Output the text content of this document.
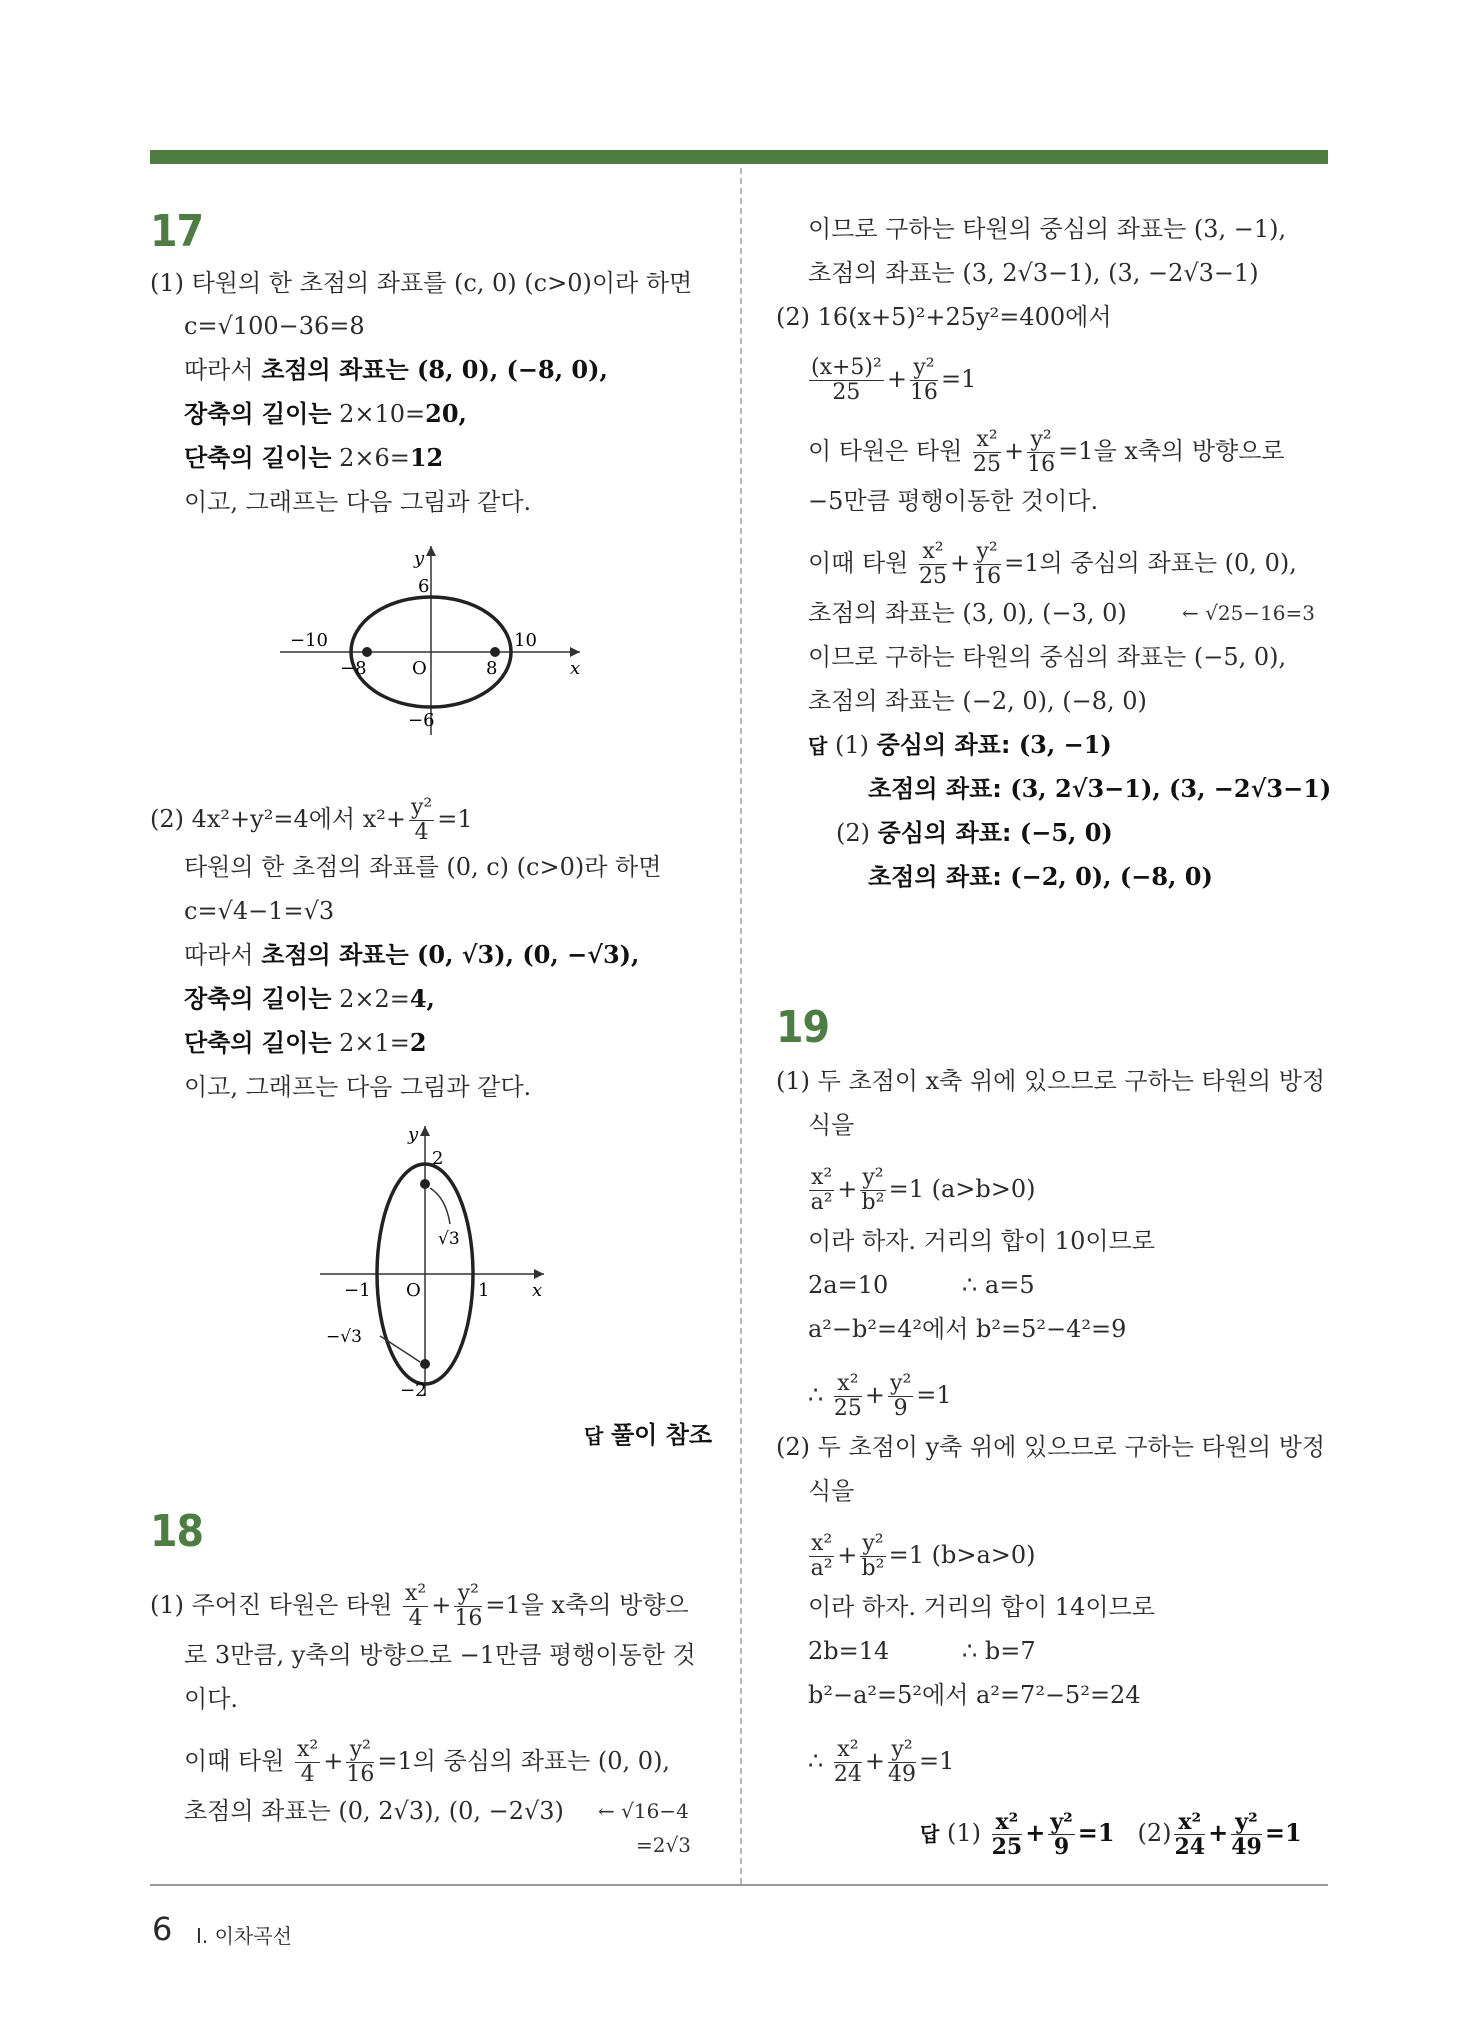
17
(1) 타원의 한 초점의 좌표를 (c, 0) (c>0)이라 하면
c=√100−36=8
따라서 초점의 좌표는 (8, 0), (−8, 0),
장축의 길이는 2×10=20,
단축의 길이는 2×6=12
이고, 그래프는 다음 그림과 같다.
y
x
6
−6
−10	10
−8	8
O
(2) 4x²+y²=4에서 $x^2+ \frac{\text{y²}}{4} =1$
타원의 한 초점의 좌표를 (0, c) (c>0)라 하면
c=√4−1=√3
따라서 초점의 좌표는 (0, √3), (0, −√3),
장축의 길이는 2×2=4,
단축의 길이는 2×1=2
이고, 그래프는 다음 그림과 같다.
y
x
2
−2
−1	1
O
√3
−√3
답 풀이 참조
18
(1) 주어진 타원은 타원 $\frac{\text{x²}}{4} + \frac{\text{y²}}{16} =1$을 x축의 방향으
로 3만큼, y축의 방향으로 −1만큼 평행이동한 것
이다.
이때 타원 $\frac{\text{x²}}{4} + \frac{\text{y²}}{16} =1$의 중심의 좌표는 (0, 0),
초점의 좌표는 (0, 2√3), (0, −2√3) ← √16−4
=2√3
이므로 구하는 타원의 중심의 좌표는 (3, −1),
초점의 좌표는 (3, 2√3−1), (3, −2√3−1)
(2) 16(x+5)²+25y²=400에서
$\frac{\text{(x+5)²}}{25} + \frac{\text{y²}}{16} =1$
이 타원은 타원 $\frac{\text{x²}}{25} + \frac{\text{y²}}{16} =1$을 x축의 방향으로
−5만큼 평행이동한 것이다.
이때 타원 $\frac{\text{x²}}{25} + \frac{\text{y²}}{16} =1$의 중심의 좌표는 (0, 0),
초점의 좌표는 (3, 0), (−3, 0)	← √25−16=3
이므로 구하는 타원의 중심의 좌표는 (−5, 0),
초점의 좌표는 (−2, 0), (−8, 0)
답 (1) 중심의 좌표: (3, −1)
초점의 좌표: (3, 2√3−1), (3, −2√3−1)
(2) 중심의 좌표: (−5, 0)
초점의 좌표: (−2, 0), (−8, 0)
19
(1) 두 초점이 x축 위에 있으므로 구하는 타원의 방정
식을
$\frac{\text{x²}}{\text{a²}} + \frac{\text{y²}}{\text{b²}} =1$ (a>b>0)
이라 하자. 거리의 합이 10이므로
2a=10	∴ a=5
a²−b²=4²에서 b²=5²−4²=9
∴ $\frac{\text{x²}}{25} + \frac{\text{y²}}{9} =1$
(2) 두 초점이 y축 위에 있으므로 구하는 타원의 방정
식을
$\frac{\text{x²}}{\text{a²}} + \frac{\text{y²}}{\text{b²}} =1$ (b>a>0)
이라 하자. 거리의 합이 14이므로
2b=14	∴ b=7
b²−a²=5²에서 a²=7²−5²=24
∴ $\frac{\text{x²}}{24} + \frac{\text{y²}}{49} =1$
답 $(1) \frac{\text{x²}}{25} + \frac{\text{y²}}{9} =1$ $(2) \frac{\text{x²}}{24} + \frac{\text{y²}}{49} =1$
6 Ⅰ. 이차곡선
